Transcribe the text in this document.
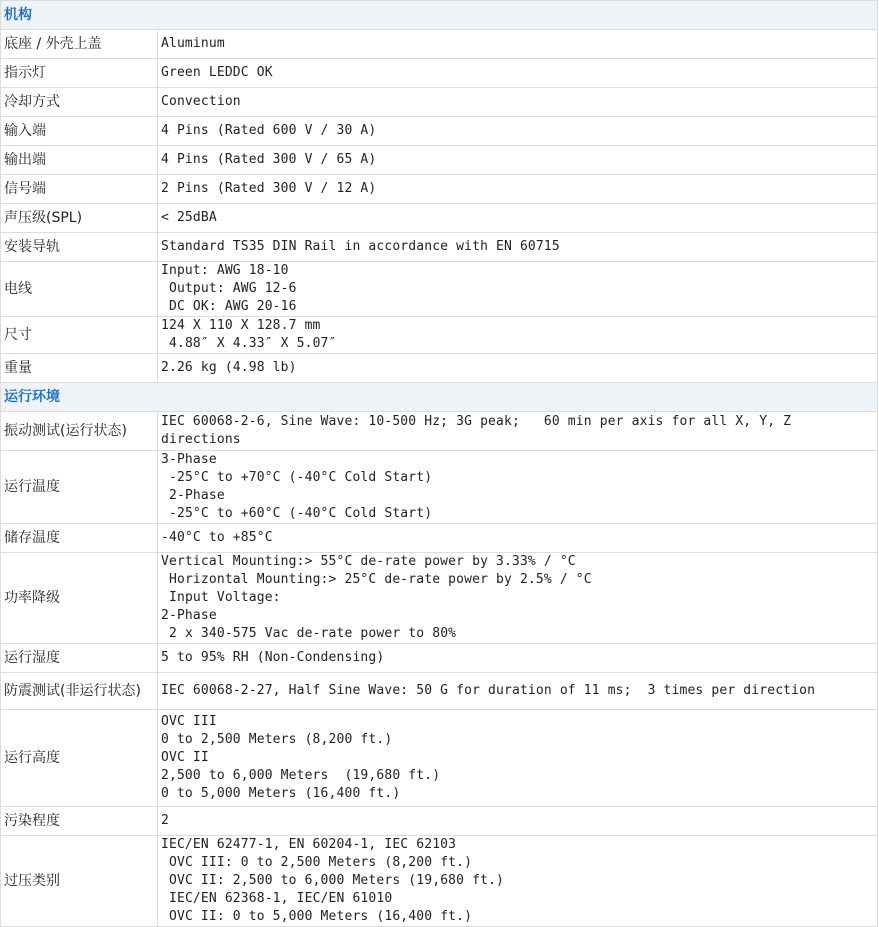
机构	
底座 / 外壳上盖	Aluminum
指示灯	Green LEDDC OK
冷却方式	Convection
输入端	4 Pins (Rated 600 V / 30 A)
输出端	4 Pins (Rated 300 V / 65 A)
信号端	2 Pins (Rated 300 V / 12 A)
声压级(SPL)	< 25dBA
安装导轨	Standard TS35 DIN Rail in accordance with EN 60715
电线	Input: AWG 18-10
Output: AWG 12-6
DC OK: AWG 20-16
尺寸	124 X 110 X 128.7 mm
4.88″ X 4.33″ X 5.07″
重量	2.26 kg (4.98 lb)
运行环境	
振动测试(运行状态)	IEC 60068-2-6, Sine Wave: 10-500 Hz; 3G peak;   60 min per axis for all X, Y, Z directions
运行温度	3-Phase
-25°C to +70°C (-40°C Cold Start)
2-Phase
-25°C to +60°C (-40°C Cold Start)
储存温度	-40°C to +85°C
功率降级	Vertical Mounting:> 55°C de-rate power by 3.33% / °C
Horizontal Mounting:> 25°C de-rate power by 2.5% / °C
Input Voltage:
2-Phase
2 x 340-575 Vac de-rate power to 80%
运行湿度	5 to 95% RH (Non-Condensing)
防震测试(非运行状态)	IEC 60068-2-27, Half Sine Wave: 50 G for duration of 11 ms;  3 times per direction
运行高度	OVC III
0 to 2,500 Meters (8,200 ft.)
OVC II
2,500 to 6,000 Meters  (19,680 ft.)
0 to 5,000 Meters (16,400 ft.)
污染程度	2
过压类别	IEC/EN 62477-1, EN 60204-1, IEC 62103
OVC III: 0 to 2,500 Meters (8,200 ft.)
OVC II: 2,500 to 6,000 Meters (19,680 ft.)
IEC/EN 62368-1, IEC/EN 61010
OVC II: 0 to 5,000 Meters (16,400 ft.)
